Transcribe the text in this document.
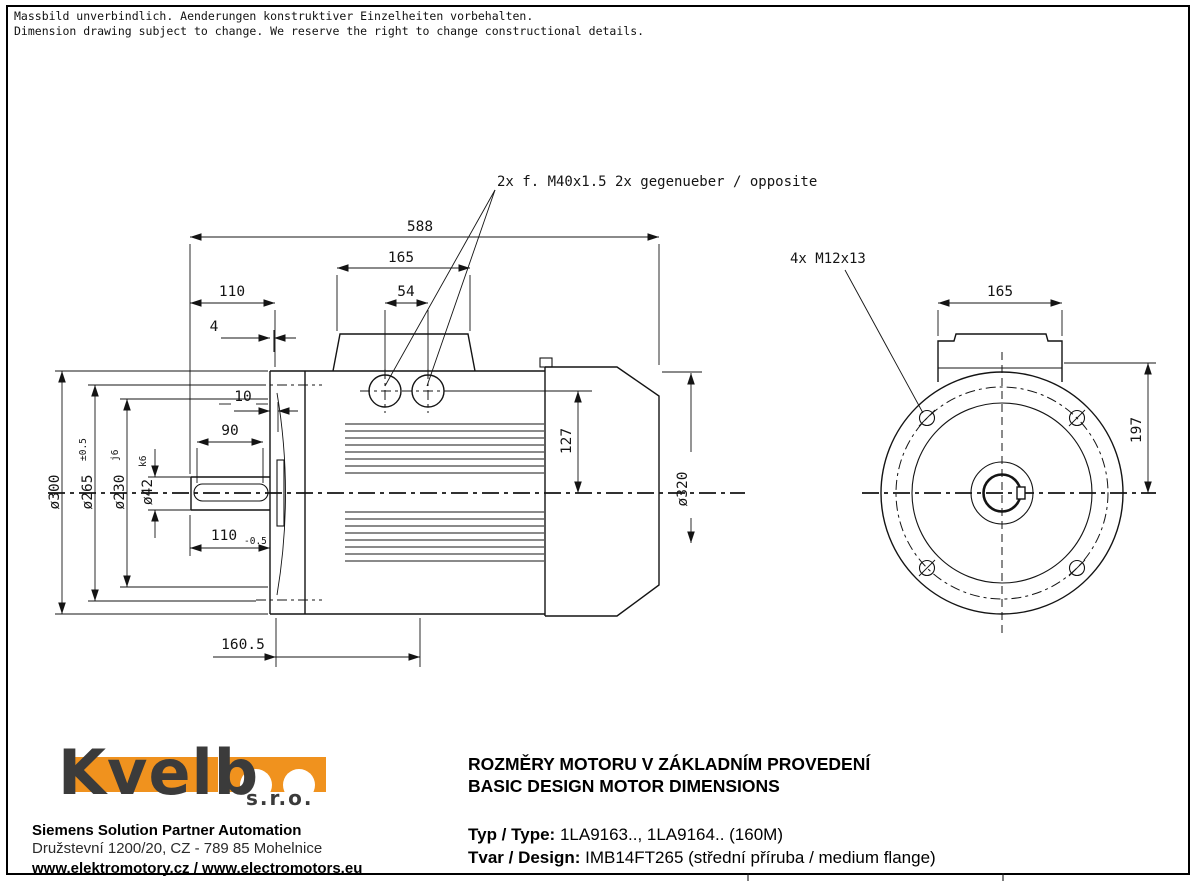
Massbild unverbindlich. Aenderungen konstruktiver Einzelheiten vorbehalten.
Dimension drawing subject to change. We reserve the right to change constructional details.
2x f. M40x1.5 2x gegenueber / opposite
588
165
110	54
4
10
90
110 -0.5
160.5
127
ø320
ø300 ø265
±0.5
ø230
j6
ø42
k6
165
197
4x M12x13
Kvelb
s.r.o.
Siemens Solution Partner Automation
Družstevní 1200/20, CZ - 789 85 Mohelnice
www.elektromotory.cz / www.electromotors.eu
ROZMĚRY MOTORU V ZÁKLADNÍM PROVEDENÍ
BASIC DESIGN MOTOR DIMENSIONS
Typ / Type: 1LA9163.., 1LA9164.. (160M)
Tvar / Design: IMB14FT265 (střední příruba / medium flange)
